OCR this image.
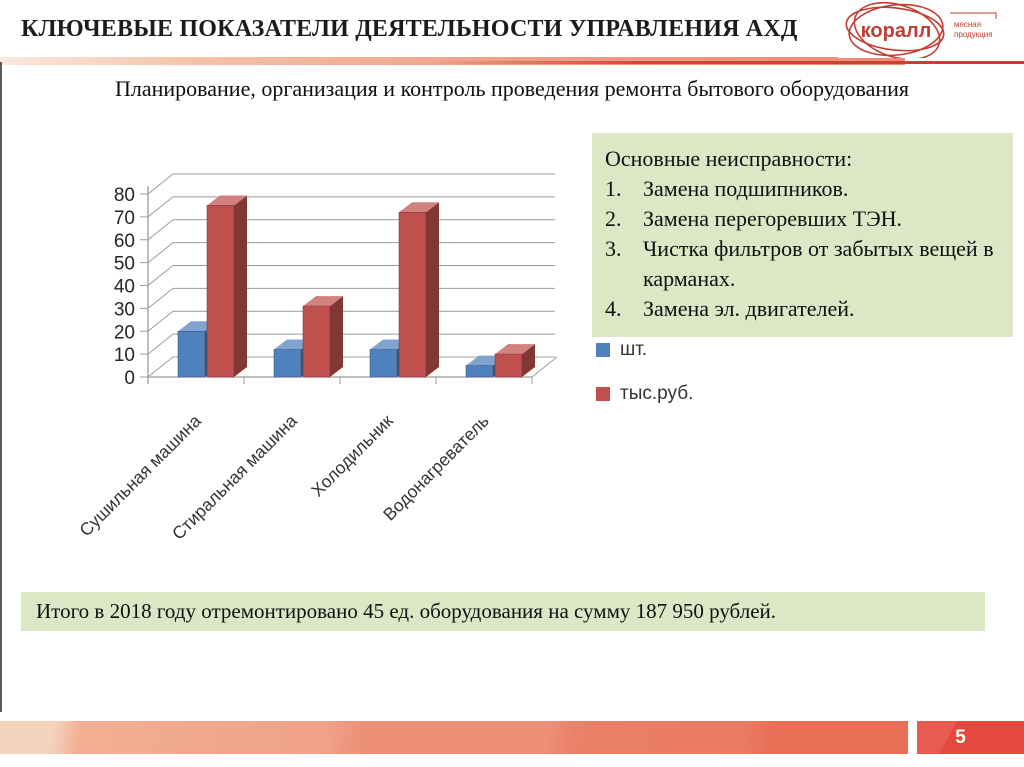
КЛЮЧЕВЫЕ ПОКАЗАТЕЛИ ДЕЯТЕЛЬНОСТИ УПРАВЛЕНИЯ АХД	коралл	мясная
продукция
Планирование, организация и контроль проведения ремонта бытового оборудования
0
10
20
30
40
50
60
70
80
Сушильная машина
Стиральная машина Холодильник
Водонагреватель
шт.
тыс.руб.
Основные неисправности:
1. Замена подшипников.
2. Замена перегоревших ТЭН.
3. Чистка фильтров от забытых вещей в карманах.
4. Замена эл. двигателей.
Итого в 2018 году отремонтировано 45 ед. оборудования на сумму 187 950 рублей.
5
